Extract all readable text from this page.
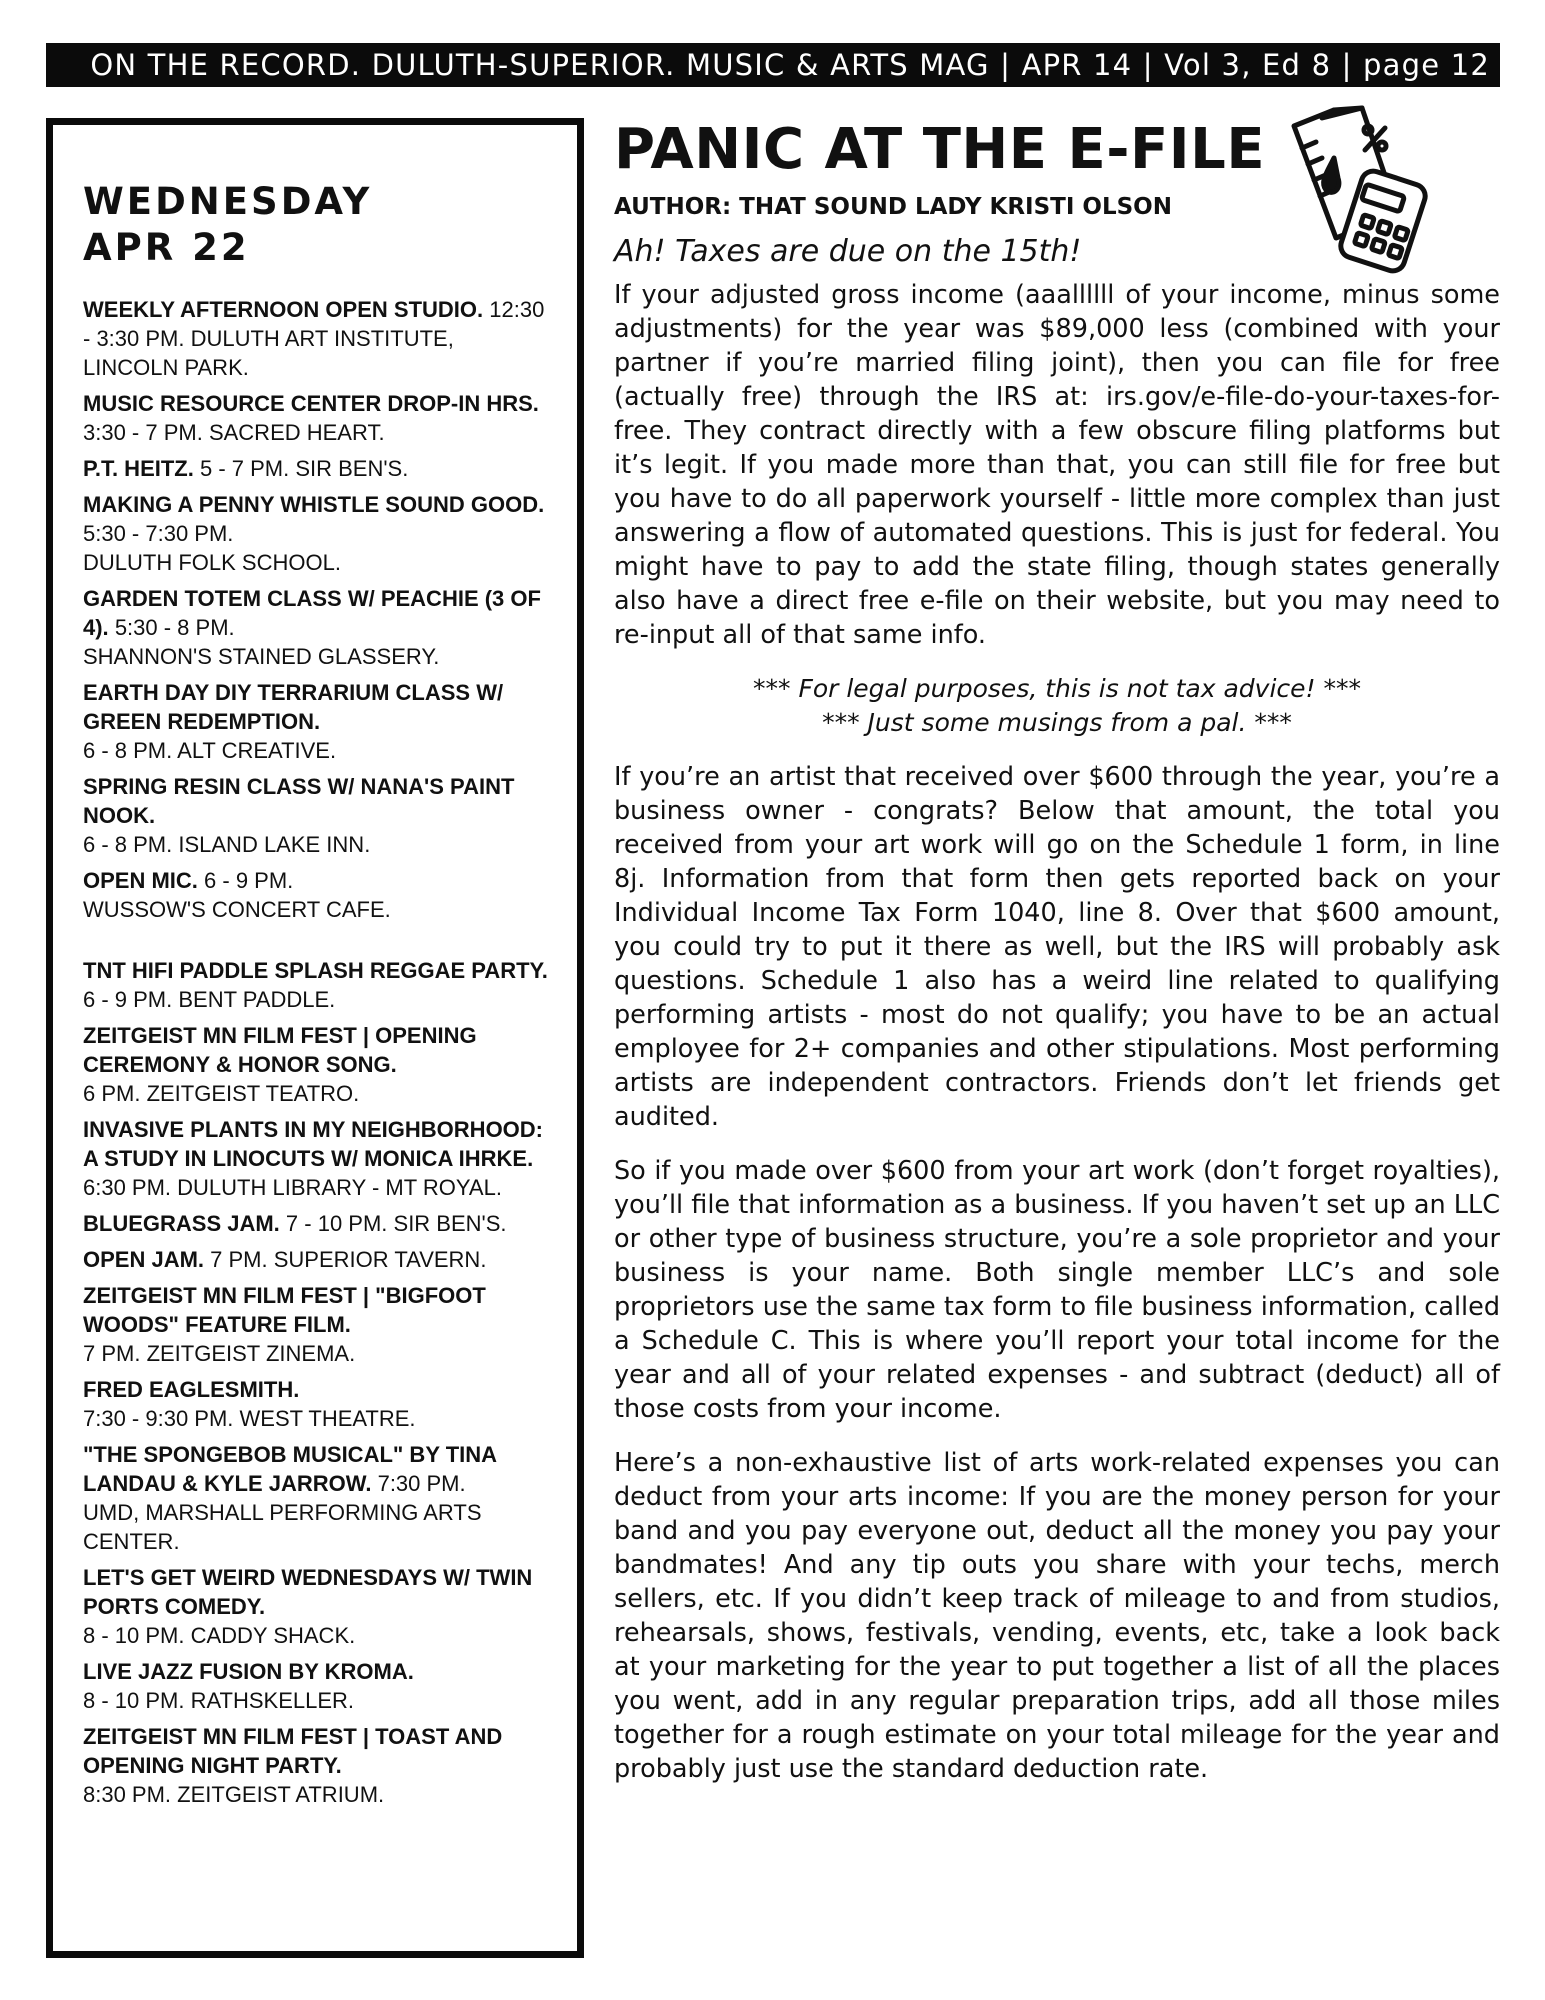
ON THE RECORD. DULUTH-SUPERIOR. MUSIC & ARTS MAG | APR 14 | Vol 3, Ed 8 | page 12
WEDNESDAY
APR 22
WEEKLY AFTERNOON OPEN STUDIO. 12:30 - 3:30 PM. DULUTH ART INSTITUTE, LINCOLN PARK.
MUSIC RESOURCE CENTER DROP-IN HRS. 3:30 - 7 PM. SACRED HEART.
P.T. HEITZ. 5 - 7 PM. SIR BEN'S.
MAKING A PENNY WHISTLE SOUND GOOD. 5:30 - 7:30 PM.
DULUTH FOLK SCHOOL.
GARDEN TOTEM CLASS W/ PEACHIE (3 OF 4). 5:30 - 8 PM.
SHANNON'S STAINED GLASSERY.
EARTH DAY DIY TERRARIUM CLASS W/ GREEN REDEMPTION.
6 - 8 PM. ALT CREATIVE.
SPRING RESIN CLASS W/ NANA'S PAINT NOOK.
6 - 8 PM. ISLAND LAKE INN.
OPEN MIC. 6 - 9 PM.
WUSSOW'S CONCERT CAFE.
TNT HIFI PADDLE SPLASH REGGAE PARTY. 6 - 9 PM. BENT PADDLE.
ZEITGEIST MN FILM FEST | OPENING CEREMONY & HONOR SONG.
6 PM. ZEITGEIST TEATRO.
INVASIVE PLANTS IN MY NEIGHBORHOOD: A STUDY IN LINOCUTS W/ MONICA IHRKE.
6:30 PM. DULUTH LIBRARY - MT ROYAL.
BLUEGRASS JAM. 7 - 10 PM. SIR BEN'S.
OPEN JAM. 7 PM. SUPERIOR TAVERN.
ZEITGEIST MN FILM FEST | "BIGFOOT WOODS" FEATURE FILM.
7 PM. ZEITGEIST ZINEMA.
FRED EAGLESMITH.
7:30 - 9:30 PM. WEST THEATRE.
"THE SPONGEBOB MUSICAL" BY TINA LANDAU & KYLE JARROW. 7:30 PM.
UMD, MARSHALL PERFORMING ARTS CENTER.
LET'S GET WEIRD WEDNESDAYS W/ TWIN PORTS COMEDY.
8 - 10 PM. CADDY SHACK.
LIVE JAZZ FUSION BY KROMA.
8 - 10 PM. RATHSKELLER.
ZEITGEIST MN FILM FEST | TOAST AND OPENING NIGHT PARTY.
8:30 PM. ZEITGEIST ATRIUM.
PANIC AT THE E-FILE
AUTHOR: THAT SOUND LADY KRISTI OLSON
Ah! Taxes are due on the 15th!

If your adjusted gross income (aaallllll of your income, minus some adjustments) for the year was $89,000 less (combined with your partner if you’re married filing joint), then you can file for free (actually free) through the IRS at: irs.gov/e-file-do-your-taxes-for-free. They contract directly with a few obscure filing platforms but it’s legit. If you made more than that, you can still file for free but you have to do all paperwork yourself - little more complex than just answering a flow of automated questions. This is just for federal. You might have to pay to add the state filing, though states generally also have a direct free e-file on their website, but you may need to re-input all of that same info.

*** For legal purposes, this is not tax advice! ***
*** Just some musings from a pal. ***

If you’re an artist that received over $600 through the year, you’re a business owner - congrats? Below that amount, the total you received from your art work will go on the Schedule 1 form, in line 8j. Information from that form then gets reported back on your Individual Income Tax Form 1040, line 8. Over that $600 amount, you could try to put it there as well, but the IRS will probably ask questions. Schedule 1 also has a weird line related to qualifying performing artists - most do not qualify; you have to be an actual employee for 2+ companies and other stipulations. Most performing artists are independent contractors. Friends don’t let friends get audited.

So if you made over $600 from your art work (don’t forget royalties), you’ll file that information as a business. If you haven’t set up an LLC or other type of business structure, you’re a sole proprietor and your business is your name. Both single member LLC’s and sole proprietors use the same tax form to file business information, called a Schedule C. This is where you’ll report your total income for the year and all of your related expenses - and subtract (deduct) all of those costs from your income.

Here’s a non-exhaustive list of arts work-related expenses you can deduct from your arts income: If you are the money person for your band and you pay everyone out, deduct all the money you pay your bandmates! And any tip outs you share with your techs, merch sellers, etc. If you didn’t keep track of mileage to and from studios, rehearsals, shows, festivals, vending, events, etc, take a look back at your marketing for the year to put together a list of all the places you went, add in any regular preparation trips, add all those miles together for a rough estimate on your total mileage for the year and probably just use the standard deduction rate.
